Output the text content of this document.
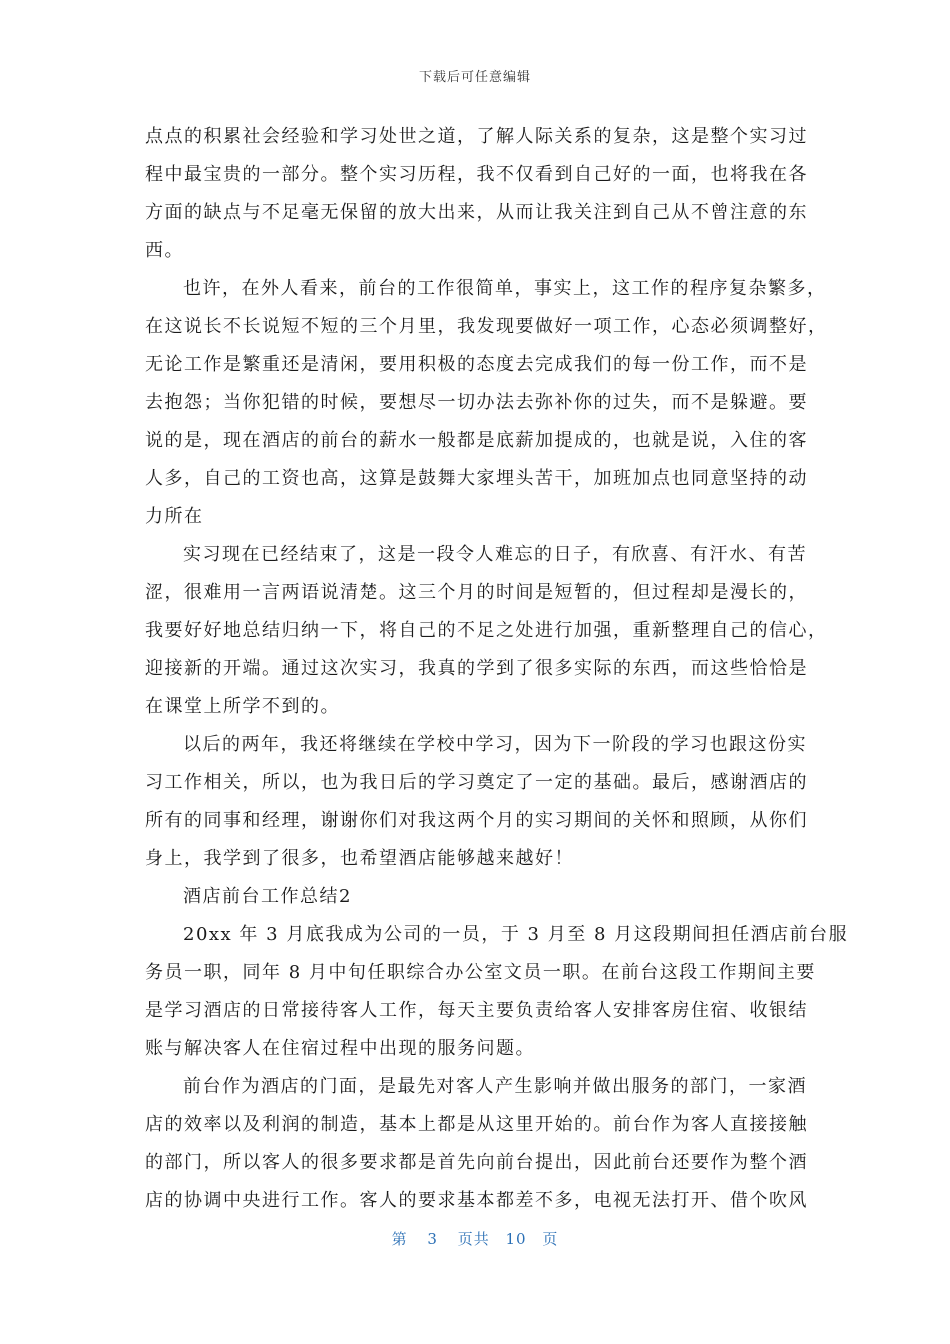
下载后可任意编辑
点点的积累社会经验和学习处世之道，了解人际关系的复杂，这是整个实习过
程中最宝贵的一部分。整个实习历程，我不仅看到自己好的一面，也将我在各
方面的缺点与不足毫无保留的放大出来，从而让我关注到自己从不曾注意的东
西。
也许，在外人看来，前台的工作很简单，事实上，这工作的程序复杂繁多，
在这说长不长说短不短的三个月里，我发现要做好一项工作，心态必须调整好，
无论工作是繁重还是清闲，要用积极的态度去完成我们的每一份工作，而不是
去抱怨；当你犯错的时候，要想尽一切办法去弥补你的过失，而不是躲避。要
说的是，现在酒店的前台的薪水一般都是底薪加提成的，也就是说，入住的客
人多，自己的工资也高，这算是鼓舞大家埋头苦干，加班加点也同意坚持的动
力所在
实习现在已经结束了，这是一段令人难忘的日子，有欣喜、有汗水、有苦
涩，很难用一言两语说清楚。这三个月的时间是短暂的，但过程却是漫长的，
我要好好地总结归纳一下，将自己的不足之处进行加强，重新整理自己的信心，
迎接新的开端。通过这次实习，我真的学到了很多实际的东西，而这些恰恰是
在课堂上所学不到的。
以后的两年，我还将继续在学校中学习，因为下一阶段的学习也跟这份实
习工作相关，所以，也为我日后的学习奠定了一定的基础。最后，感谢酒店的
所有的同事和经理，谢谢你们对我这两个月的实习期间的关怀和照顾，从你们
身上，我学到了很多，也希望酒店能够越来越好！
酒店前台工作总结2
20xx 年 3 月底我成为公司的一员，于 3 月至 8 月这段期间担任酒店前台服
务员一职，同年 8 月中旬任职综合办公室文员一职。在前台这段工作期间主要
是学习酒店的日常接待客人工作，每天主要负责给客人安排客房住宿、收银结
账与解决客人在住宿过程中出现的服务问题。
前台作为酒店的门面，是最先对客人产生影响并做出服务的部门，一家酒
店的效率以及利润的制造，基本上都是从这里开始的。前台作为客人直接接触
的部门，所以客人的很多要求都是首先向前台提出，因此前台还要作为整个酒
店的协调中央进行工作。客人的要求基本都差不多，电视无法打开、借个吹风
第 3 页共 10 页
